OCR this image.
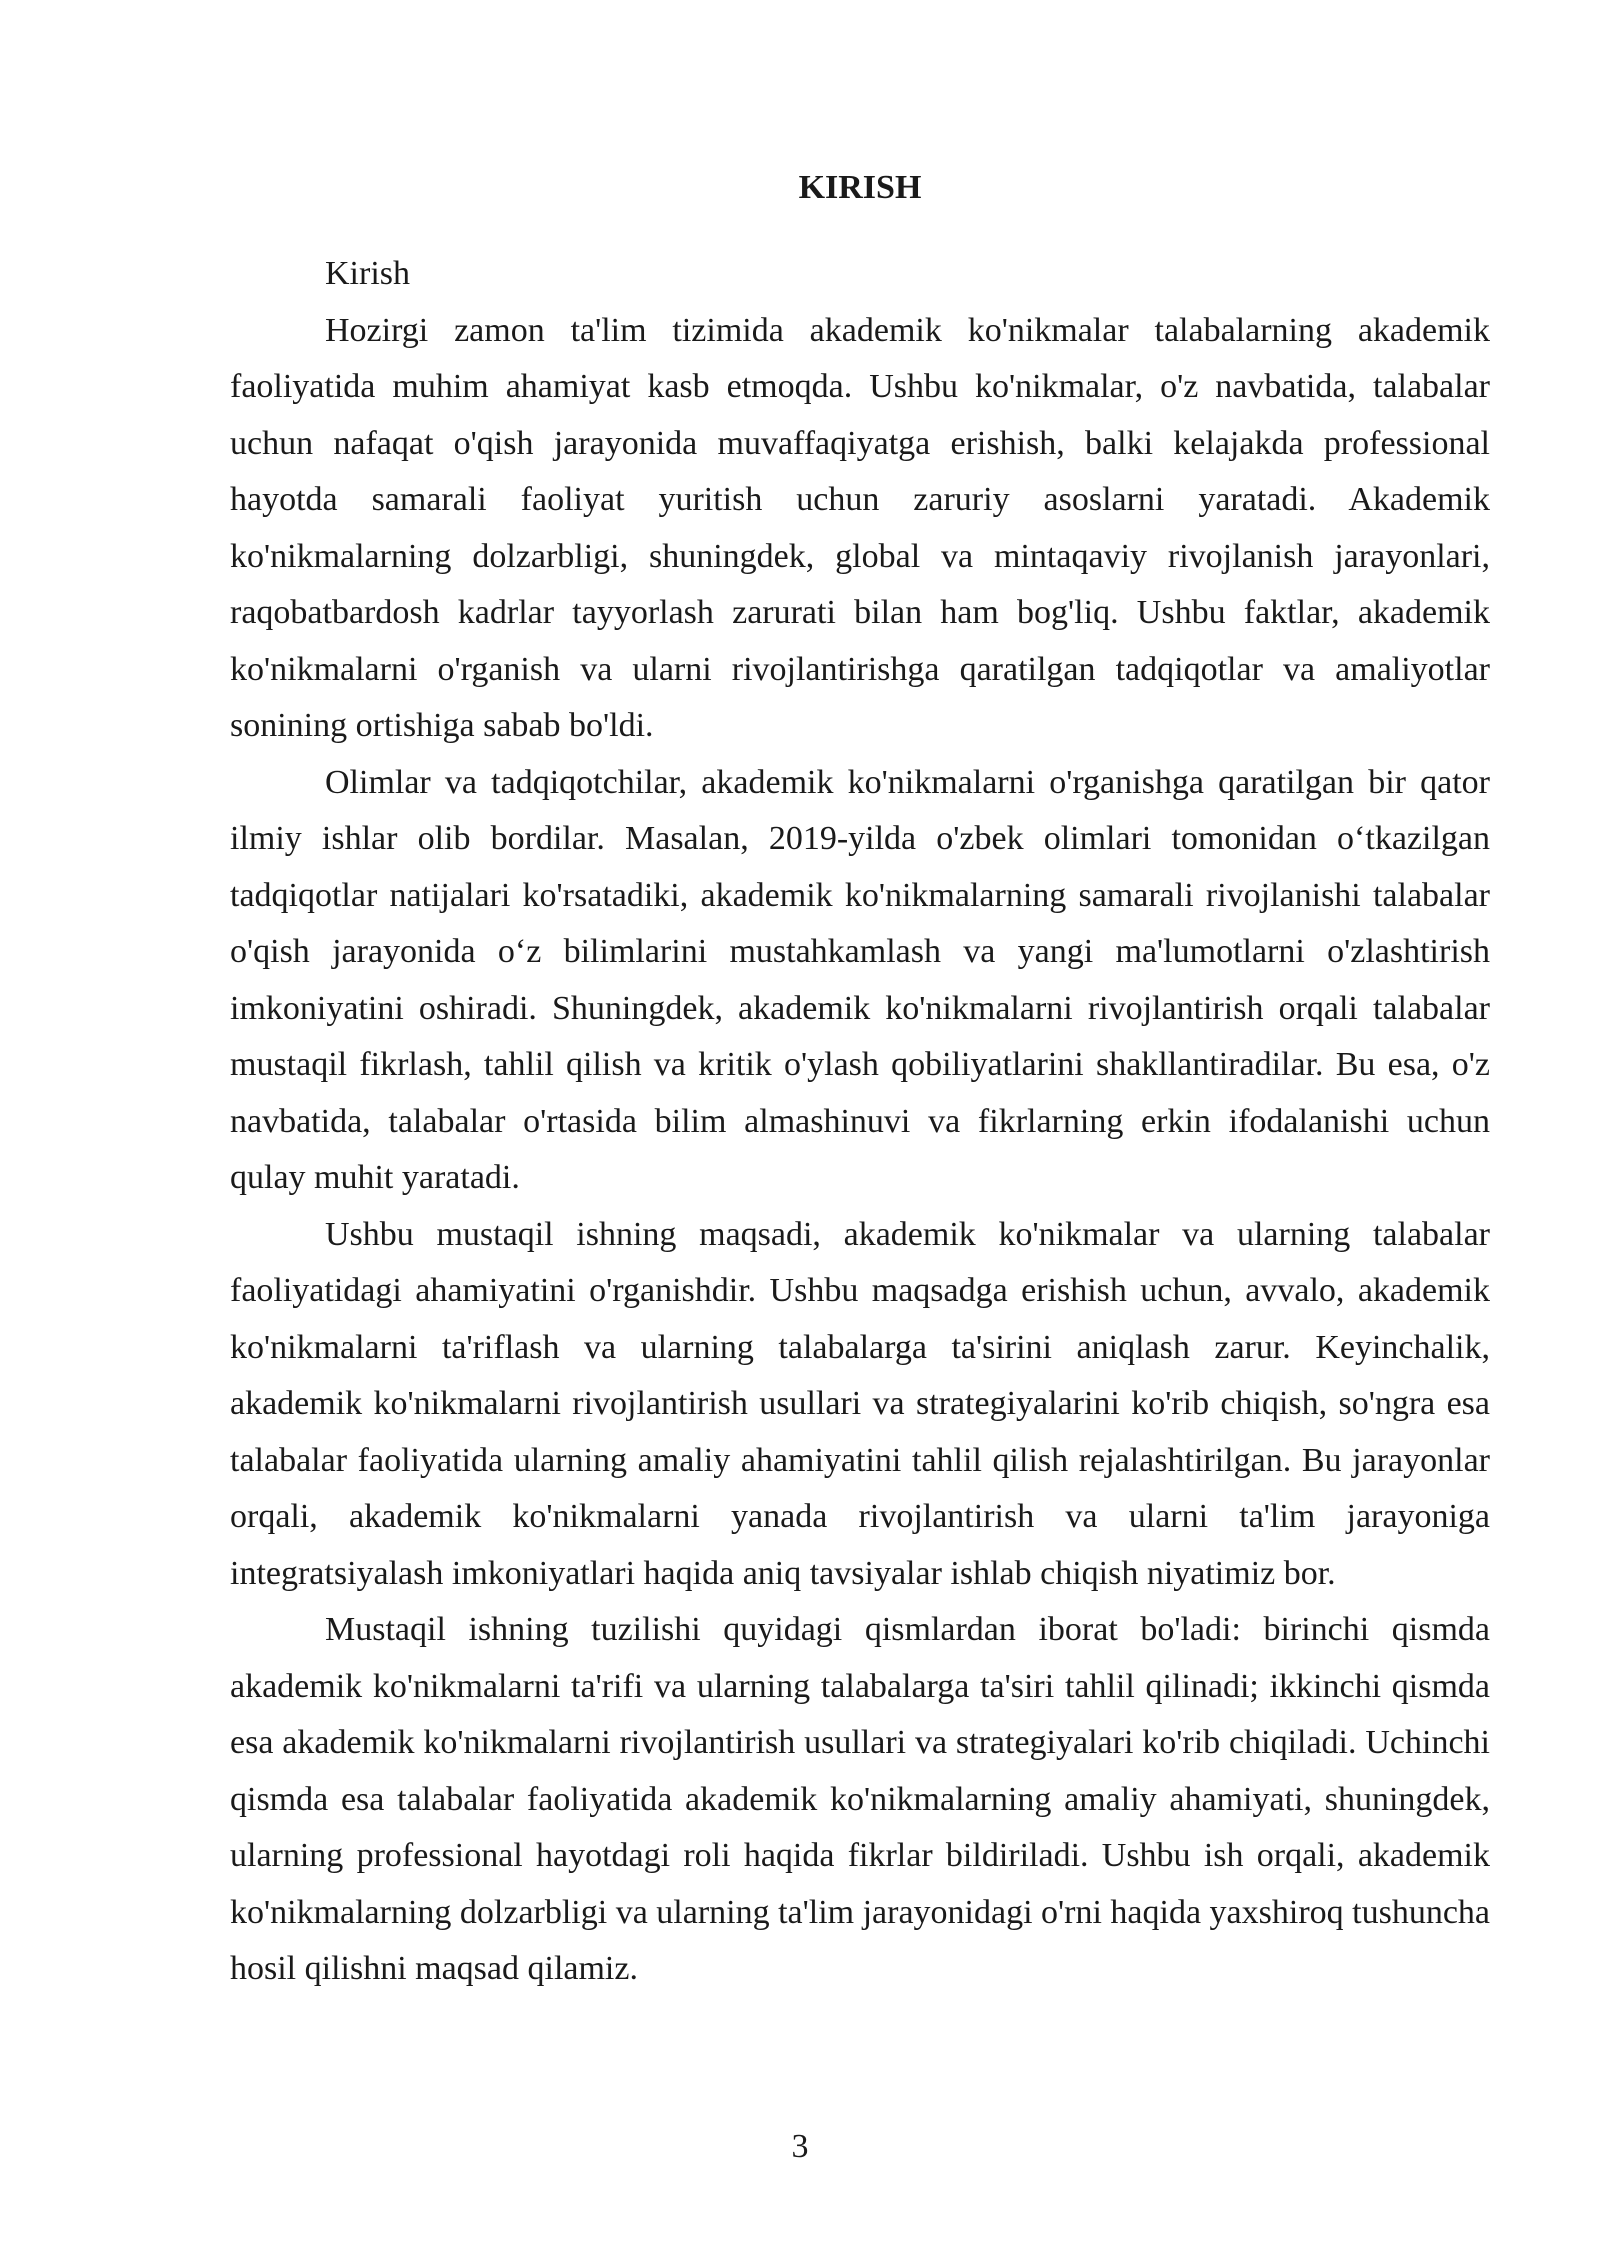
KIRISH

Kirish

Hozirgi zamon ta'lim tizimida akademik ko'nikmalar talabalarning akademik faoliyatida muhim ahamiyat kasb etmoqda. Ushbu ko'nikmalar, o'z navbatida, talabalar uchun nafaqat o'qish jarayonida muvaffaqiyatga erishish, balki kelajakda professional hayotda samarali faoliyat yuritish uchun zaruriy asoslarni yaratadi. Akademik ko'nikmalarning dolzarbligi, shuningdek, global va mintaqaviy rivojlanish jarayonlari, raqobatbardosh kadrlar tayyorlash zarurati bilan ham bog'liq. Ushbu faktlar, akademik ko'nikmalarni o'rganish va ularni rivojlantirishga qaratilgan tadqiqotlar va amaliyotlar sonining ortishiga sabab bo'ldi.

Olimlar va tadqiqotchilar, akademik ko'nikmalarni o'rganishga qaratilgan bir qator ilmiy ishlar olib bordilar. Masalan, 2019-yilda o'zbek olimlari tomonidan o‘tkazilgan tadqiqotlar natijalari ko'rsatadiki, akademik ko'nikmalarning samarali rivojlanishi talabalar o'qish jarayonida o‘z bilimlarini mustahkamlash va yangi ma'lumotlarni o'zlashtirish imkoniyatini oshiradi. Shuningdek, akademik ko'nikmalarni rivojlantirish orqali talabalar mustaqil fikrlash, tahlil qilish va kritik o'ylash qobiliyatlarini shakllantiradilar. Bu esa, o'z navbatida, talabalar o'rtasida bilim almashinuvi va fikrlarning erkin ifodalanishi uchun qulay muhit yaratadi.

Ushbu mustaqil ishning maqsadi, akademik ko'nikmalar va ularning talabalar faoliyatidagi ahamiyatini o'rganishdir. Ushbu maqsadga erishish uchun, avvalo, akademik ko'nikmalarni ta'riflash va ularning talabalarga ta'sirini aniqlash zarur. Keyinchalik, akademik ko'nikmalarni rivojlantirish usullari va strategiyalarini ko'rib chiqish, so'ngra esa talabalar faoliyatida ularning amaliy ahamiyatini tahlil qilish rejalashtirilgan. Bu jarayonlar orqali, akademik ko'nikmalarni yanada rivojlantirish va ularni ta'lim jarayoniga integratsiyalash imkoniyatlari haqida aniq tavsiyalar ishlab chiqish niyatimiz bor.

Mustaqil ishning tuzilishi quyidagi qismlardan iborat bo'ladi: birinchi qismda akademik ko'nikmalarni ta'rifi va ularning talabalarga ta'siri tahlil qilinadi; ikkinchi qismda esa akademik ko'nikmalarni rivojlantirish usullari va strategiyalari ko'rib chiqiladi. Uchinchi qismda esa talabalar faoliyatida akademik ko'nikmalarning amaliy ahamiyati, shuningdek, ularning professional hayotdagi roli haqida fikrlar bildiriladi. Ushbu ish orqali, akademik ko'nikmalarning dolzarbligi va ularning ta'lim jarayonidagi o'rni haqida yaxshiroq tushuncha hosil qilishni maqsad qilamiz.

3
